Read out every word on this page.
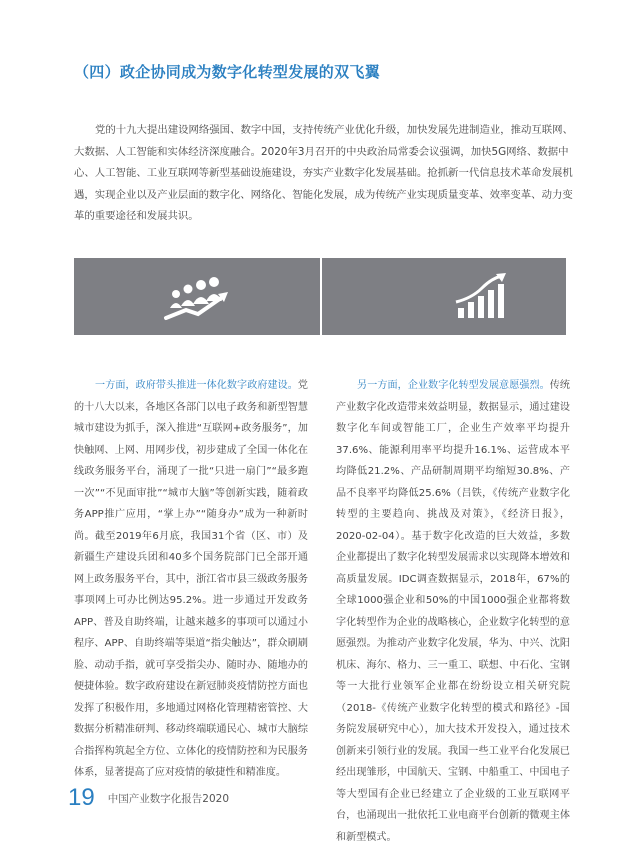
（四）政企协同成为数字化转型发展的双飞翼
党的十九大提出建设网络强国、数字中国，支持传统产业优化升级，加快发展先进制造业，推动互联网、大数据、人工智能和实体经济深度融合。2020年3月召开的中央政治局常委会议强调，加快5G网络、数据中心、人工智能、工业互联网等新型基础设施建设，夯实产业数字化发展基础。抢抓新一代信息技术革命发展机遇，实现企业以及产业层面的数字化、网络化、智能化发展，成为传统产业实现质量变革、效率变革、动力变革的重要途径和发展共识。
一方面，政府带头推进一体化数字政府建设。党的十八大以来，各地区各部门以电子政务和新型智慧城市建设为抓手，深入推进“互联网+政务服务”，加快触网、上网、用网步伐，初步建成了全国一体化在线政务服务平台，涌现了一批“只进一扇门”“最多跑一次”“不见面审批”“城市大脑”等创新实践，随着政务APP推广应用，“掌上办”“随身办”成为一种新时尚。截至2019年6月底，我国31个省（区、市）及新疆生产建设兵团和40多个国务院部门已全部开通网上政务服务平台，其中，浙江省市县三级政务服务事项网上可办比例达95.2%。进一步通过开发政务APP、普及自助终端，让越来越多的事项可以通过小程序、APP、自助终端等渠道“指尖触达”，群众刷刷脸、动动手指，就可享受指尖办、随时办、随地办的便捷体验。数字政府建设在新冠肺炎疫情防控方面也发挥了积极作用，多地通过网格化管理精密管控、大数据分析精准研判、移动终端联通民心、城市大脑综合指挥构筑起全方位、立体化的疫情防控和为民服务体系，显著提高了应对疫情的敏捷性和精准度。
另一方面，企业数字化转型发展意愿强烈。传统产业数字化改造带来效益明显，数据显示，通过建设数字化车间或智能工厂，企业生产效率平均提升37.6%、能源利用率平均提升16.1%、运营成本平均降低21.2%、产品研制周期平均缩短30.8%、产品不良率平均降低25.6%（吕铁，《传统产业数字化转型的主要趋向、挑战及对策》，《经济日报》，2020-02-04）。基于数字化改造的巨大效益，多数企业都提出了数字化转型发展需求以实现降本增效和高质量发展。IDC调查数据显示，2018年，67%的全球1000强企业和50%的中国1000强企业都将数字化转型作为企业的战略核心，企业数字化转型的意愿强烈。为推动产业数字化发展，华为、中兴、沈阳机床、海尔、格力、三一重工、联想、中石化、宝钢等一大批行业领军企业都在纷纷设立相关研究院（2018-《传统产业数字化转型的模式和路径》-国务院发展研究中心），加大技术开发投入，通过技术创新来引领行业的发展。我国一些工业平台化发展已经出现雏形，中国航天、宝钢、中船重工、中国电子等大型国有企业已经建立了企业级的工业互联网平台，也涌现出一批依托工业电商平台创新的微观主体和新型模式。
19 中国产业数字化报告2020
